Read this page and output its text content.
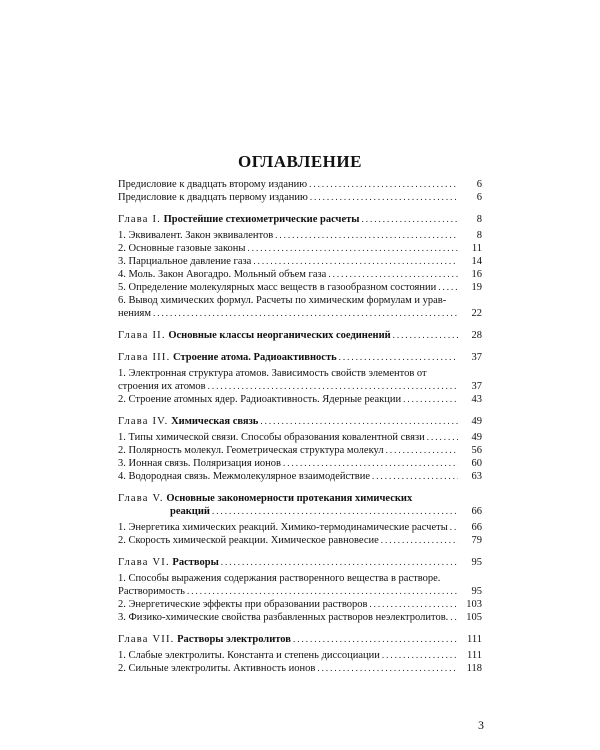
ОГЛАВЛЕНИЕ
Предисловие к двадцать второму изданию .....	6
Предисловие к двадцать первому изданию .....	6
Глава I. Простейшие стехиометрические расчеты .....	8
1. Эквивалент. Закон эквивалентов .....	8
2. Основные газовые законы .....	11
3. Парциальное давление газа .....	14
4. Моль. Закон Авогадро. Мольный объем газа .....	16
5. Определение молекулярных масс веществ в газообразном состоянии .....	19
6. Вывод химических формул. Расчеты по химическим формулам и урав-
нениям .....	22
Глава II. Основные классы неорганических соединений .....	28
Глава III. Строение атома. Радиоактивность .....	37
1. Электронная структура атомов. Зависимость свойств элементов от
строения их атомов .....	37
2. Строение атомных ядер. Радиоактивность. Ядерные реакции .....	43
Глава IV. Химическая связь .....	49
1. Типы химической связи. Способы образования ковалентной связи .....	49
2. Полярность молекул. Геометрическая структура молекул .....	56
3. Ионная связь. Поляризация ионов .....	60
4. Водородная связь. Межмолекулярное взаимодействие .....	63
Глава V. Основные закономерности протекания химических
реакций .....	66
1. Энергетика химических реакций. Химико-термодинамические расчеты .....	66
2. Скорость химической реакции. Химическое равновесие .....	79
Глава VI. Растворы .....	95
1. Способы выражения содержания растворенного вещества в растворе.
Растворимость .....	95
2. Энергетические эффекты при образовании растворов .....	103
3. Физико-химические свойства разбавленных растворов неэлектролитов. .....	105
Глава VII. Растворы электролитов .....	111
1. Слабые электролиты. Константа и степень диссоциации .....	111
2. Сильные электролиты. Активность ионов .....	118
3
